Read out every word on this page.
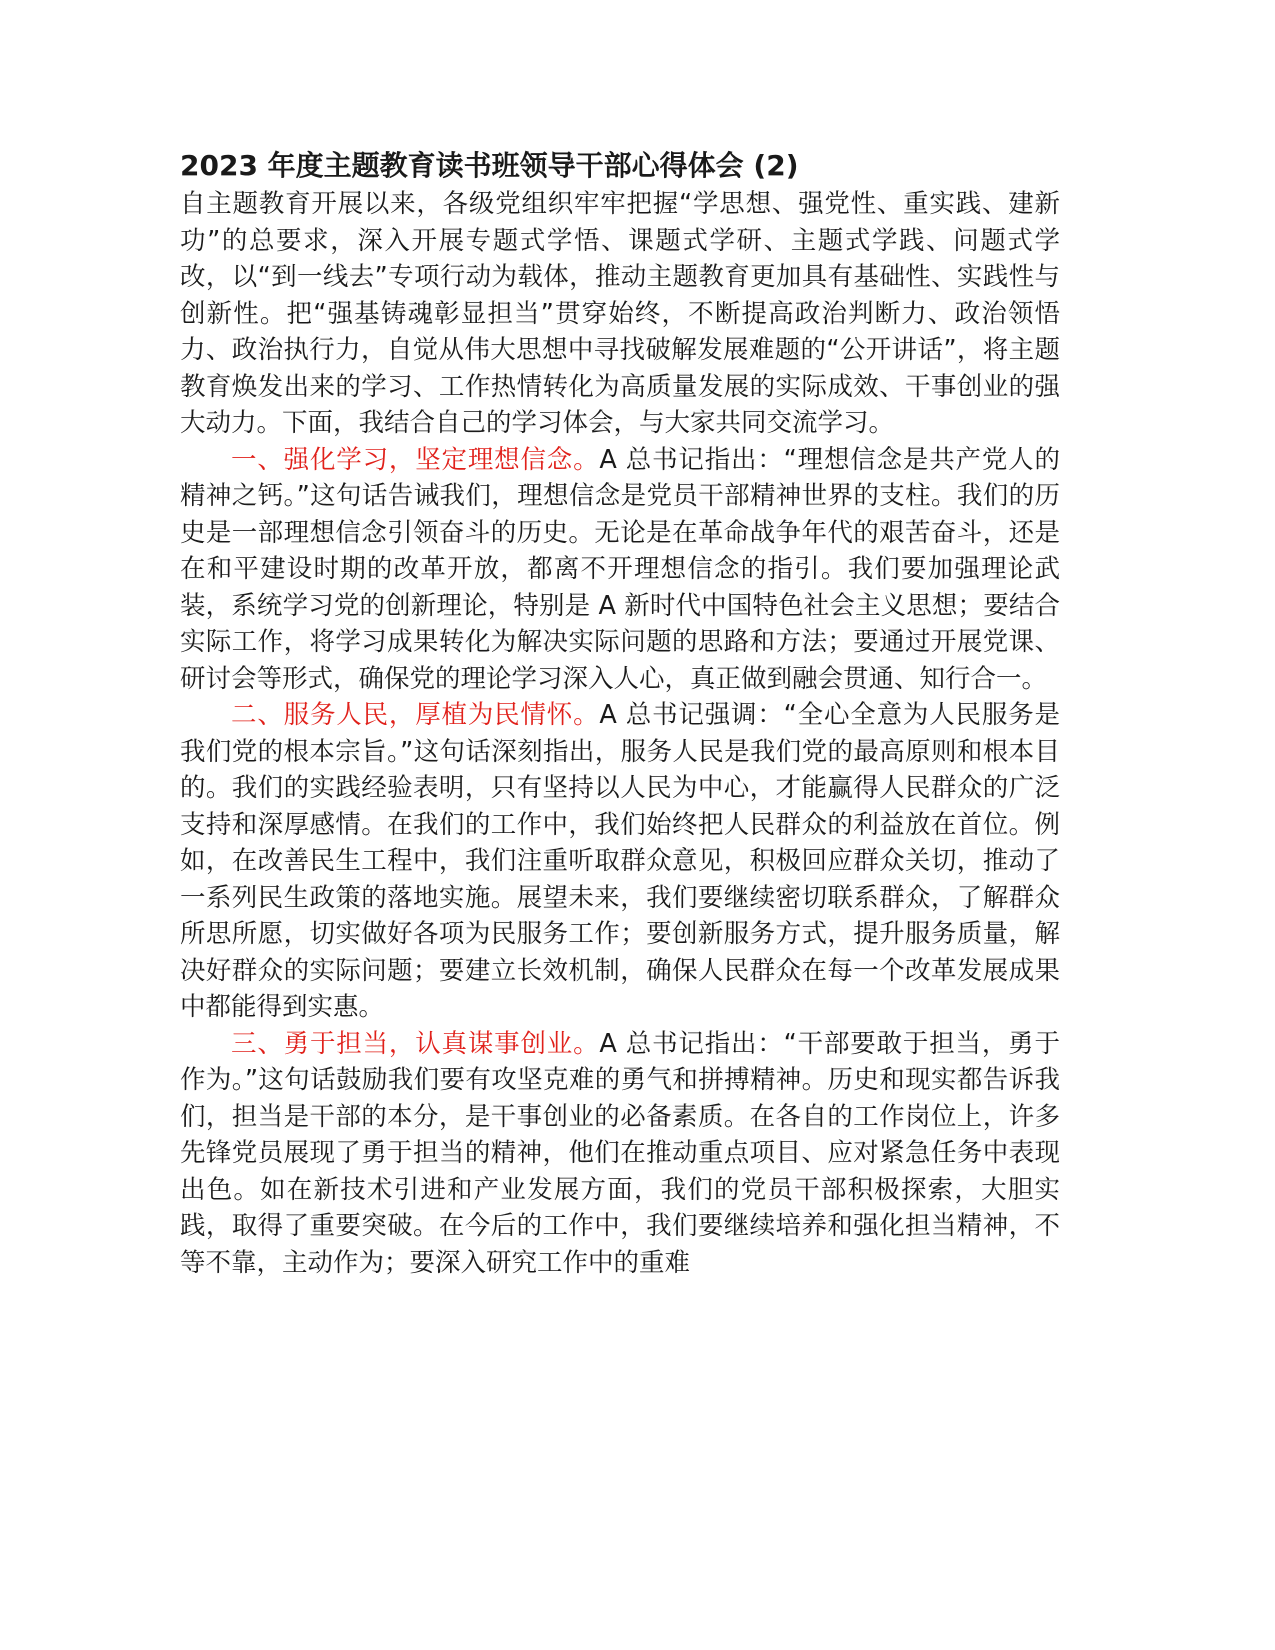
2023 年度主题教育读书班领导干部心得体会 (2)

自主题教育开展以来，各级党组织牢牢把握“学思想、强党性、重实践、建新功”的总要求，深入开展专题式学悟、课题式学研、主题式学践、问题式学改，以“到一线去”专项行动为载体，推动主题教育更加具有基础性、实践性与创新性。把“强基铸魂彰显担当”贯穿始终，不断提高政治判断力、政治领悟力、政治执行力，自觉从伟大思想中寻找破解发展难题的“公开讲话”，将主题教育焕发出来的学习、工作热情转化为高质量发展的实际成效、干事创业的强大动力。下面，我结合自己的学习体会，与大家共同交流学习。

一、强化学习，坚定理想信念。A 总书记指出：“理想信念是共产党人的精神之钙。”这句话告诫我们，理想信念是党员干部精神世界的支柱。我们的历史是一部理想信念引领奋斗的历史。无论是在革命战争年代的艰苦奋斗，还是在和平建设时期的改革开放，都离不开理想信念的指引。我们要加强理论武装，系统学习党的创新理论，特别是 A 新时代中国特色社会主义思想；要结合实际工作，将学习成果转化为解决实际问题的思路和方法；要通过开展党课、研讨会等形式，确保党的理论学习深入人心，真正做到融会贯通、知行合一。

二、服务人民，厚植为民情怀。A 总书记强调：“全心全意为人民服务是我们党的根本宗旨。”这句话深刻指出，服务人民是我们党的最高原则和根本目的。我们的实践经验表明，只有坚持以人民为中心，才能赢得人民群众的广泛支持和深厚感情。在我们的工作中，我们始终把人民群众的利益放在首位。例如，在改善民生工程中，我们注重听取群众意见，积极回应群众关切，推动了一系列民生政策的落地实施。展望未来，我们要继续密切联系群众，了解群众所思所愿，切实做好各项为民服务工作；要创新服务方式，提升服务质量，解决好群众的实际问题；要建立长效机制，确保人民群众在每一个改革发展成果中都能得到实惠。

三、勇于担当，认真谋事创业。A 总书记指出：“干部要敢于担当，勇于作为。”这句话鼓励我们要有攻坚克难的勇气和拼搏精神。历史和现实都告诉我们，担当是干部的本分，是干事创业的必备素质。在各自的工作岗位上，许多先锋党员展现了勇于担当的精神，他们在推动重点项目、应对紧急任务中表现出色。如在新技术引进和产业发展方面，我们的党员干部积极探索，大胆实践，取得了重要突破。在今后的工作中，我们要继续培养和强化担当精神，不等不靠，主动作为；要深入研究工作中的重难
